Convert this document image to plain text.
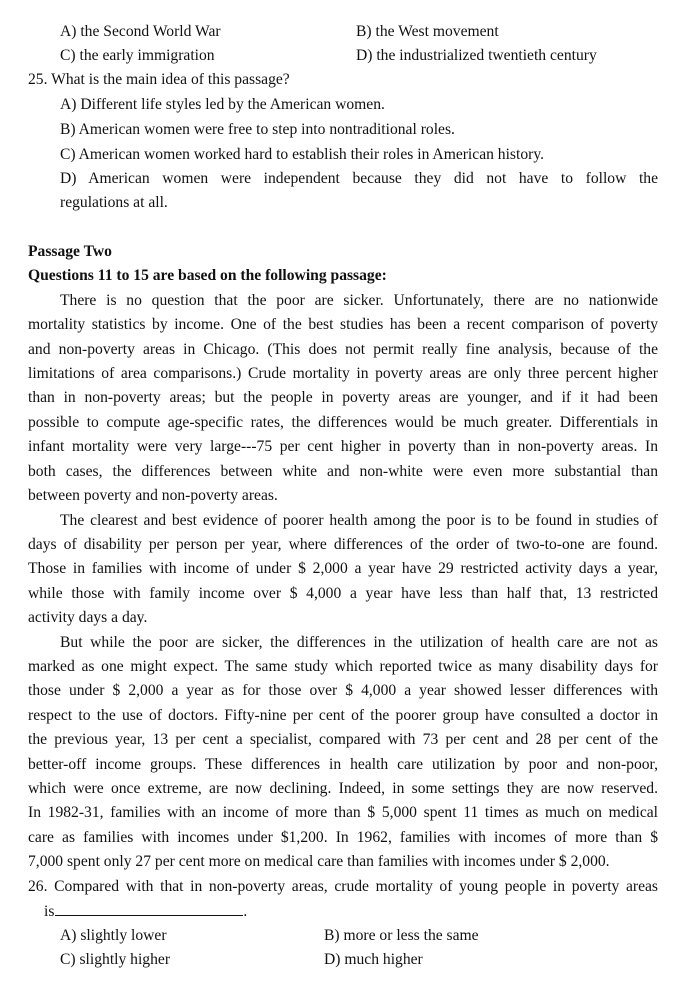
A) the Second World War	B) the West movement
C) the early immigration	D) the industrialized twentieth century
25. What is the main idea of this passage?
A) Different life styles led by the American women.
B) American women were free to step into nontraditional roles.
C) American women worked hard to establish their roles in American history.
D) American women were independent because they did not have to follow the
regulations at all.
Passage Two
Questions 11 to 15 are based on the following passage:
There is no question that the poor are sicker. Unfortunately, there are no nationwide
mortality statistics by income. One of the best studies has been a recent comparison of poverty
and non-poverty areas in Chicago. (This does not permit really fine analysis, because of the
limitations of area comparisons.) Crude mortality in poverty areas are only three percent higher
than in non-poverty areas; but the people in poverty areas are younger, and if it had been
possible to compute age-specific rates, the differences would be much greater. Differentials in
infant mortality were very large---75 per cent higher in poverty than in non-poverty areas. In
both cases, the differences between white and non-white were even more substantial than
between poverty and non-poverty areas.
The clearest and best evidence of poorer health among the poor is to be found in studies of
days of disability per person per year, where differences of the order of two-to-one are found.
Those in families with income of under $ 2,000 a year have 29 restricted activity days a year,
while those with family income over $ 4,000 a year have less than half that, 13 restricted
activity days a day.
But while the poor are sicker, the differences in the utilization of health care are not as
marked as one might expect. The same study which reported twice as many disability days for
those under $ 2,000 a year as for those over $ 4,000 a year showed lesser differences with
respect to the use of doctors. Fifty-nine per cent of the poorer group have consulted a doctor in
the previous year, 13 per cent a specialist, compared with 73 per cent and 28 per cent of the
better-off income groups. These differences in health care utilization by poor and non-poor,
which were once extreme, are now declining. Indeed, in some settings they are now reserved.
In 1982-31, families with an income of more than $ 5,000 spent 11 times as much on medical
care as families with incomes under $1,200. In 1962, families with incomes of more than $
7,000 spent only 27 per cent more on medical care than families with incomes under $ 2,000.
26. Compared with that in non-poverty areas, crude mortality of young people in poverty areas
is	.
A) slightly lower	B) more or less the same
C) slightly higher	D) much higher
